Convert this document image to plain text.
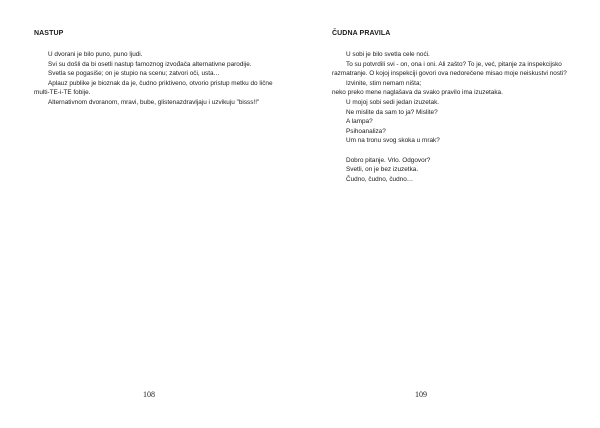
NASTUP

U dvorani je bilo puno, puno ljudi.

Svi su došli da bi osetli nastup famoznog izvođača alternativne parodije.

Svetla se pogasiše; on je stupio na scenu; zatvori oči, usta…

Aplauz publike je bioznak da je, čudno priktiveno, otvorio pristup metku do lične multi-TE-i-TE fobije.

Alternativnom dvoranom, mravi, bube, glistenazdravljaju i uzvikuju "bisss!!"

108

ČUDNA PRAVILA

U sobi je bilo svetla cele noći.

To su potvrdili svi - on, ona i oni. Ali zašto? To je, već, pitanje za inspekcijsko razmatranje. O kojoj inspekciji govori ova nedorečene misao moje neiskustvi nosti?

Izvinite, stim nemam ništa;

neko preko mene naglašava da svako pravilo ima izuzetaka.

U mojoj sobi sedi jedan izuzetak.

Ne mislite da sam to ja? Mislite?

A lampa?

Psihoanaliza?

Um na tronu svog skoka u mrak?

Dobro pitanje. Vrlo. Odgovor?

Svetli, on je bez izuzetka.

Čudno, čudno, čudno…

109
